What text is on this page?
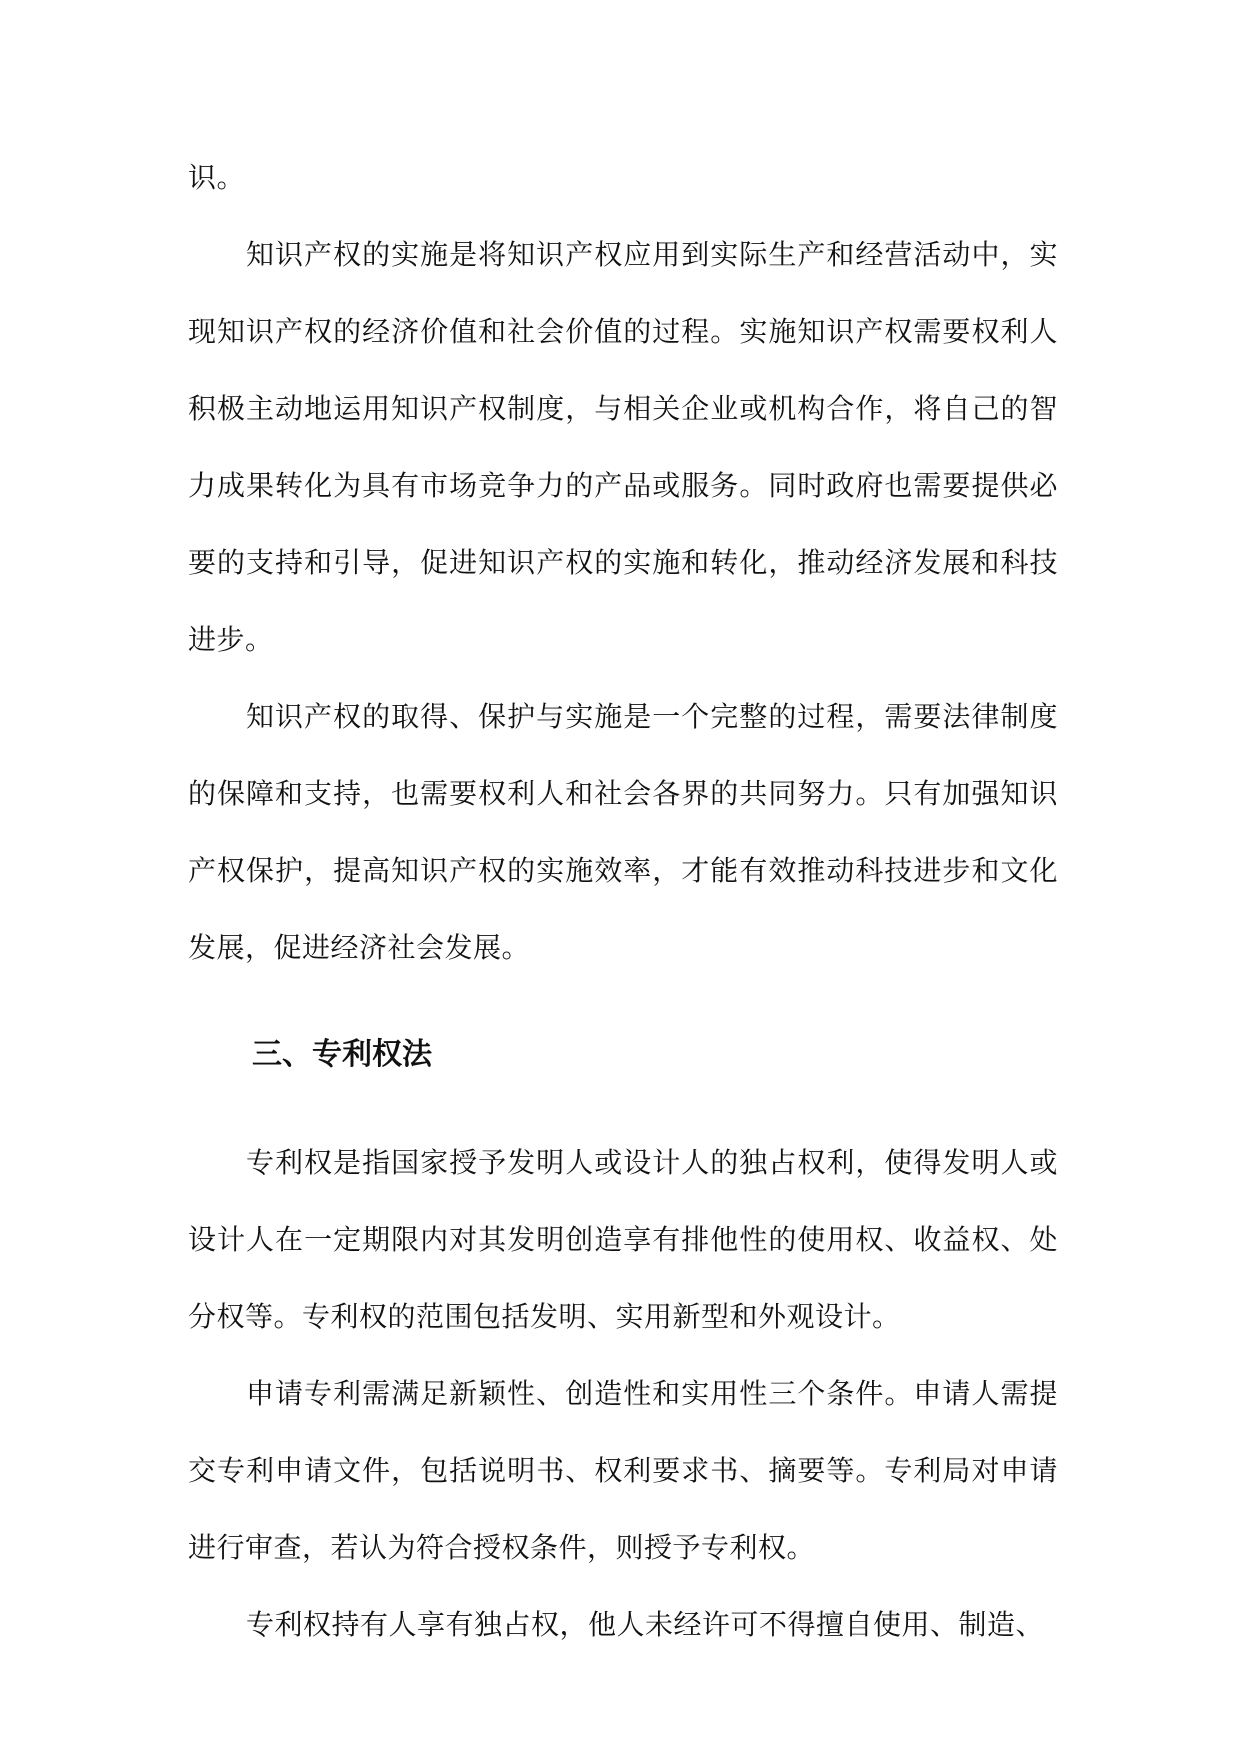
识。

知识产权的实施是将知识产权应用到实际生产和经营活动中，实现知识产权的经济价值和社会价值的过程。实施知识产权需要权利人积极主动地运用知识产权制度，与相关企业或机构合作，将自己的智力成果转化为具有市场竞争力的产品或服务。同时政府也需要提供必要的支持和引导，促进知识产权的实施和转化，推动经济发展和科技进步。

知识产权的取得、保护与实施是一个完整的过程，需要法律制度的保障和支持，也需要权利人和社会各界的共同努力。只有加强知识产权保护，提高知识产权的实施效率，才能有效推动科技进步和文化发展，促进经济社会发展。

三、专利权法

专利权是指国家授予发明人或设计人的独占权利，使得发明人或设计人在一定期限内对其发明创造享有排他性的使用权、收益权、处分权等。专利权的范围包括发明、实用新型和外观设计。

申请专利需满足新颖性、创造性和实用性三个条件。申请人需提交专利申请文件，包括说明书、权利要求书、摘要等。专利局对申请进行审查，若认为符合授权条件，则授予专利权。

专利权持有人享有独占权，他人未经许可不得擅自使用、制造、
